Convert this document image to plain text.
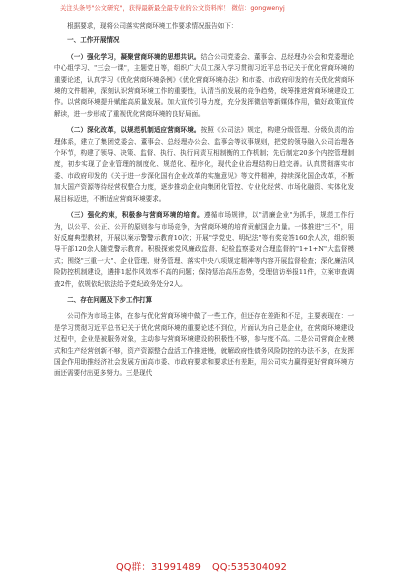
关注头条号"公文研究"，获得最新最全最专业的公文资料库！ 微信：gongwenyj

根据要求，现将公司落实营商环境工作要求情况报告如下：

一、工作开展情况

（一）强化学习，凝聚营商环境的思想共识。结合公司党委会、董事会、总经理办公会和党委理论中心组学习、"三会一课"，主题党日等，组织广大员工深入学习贯彻习近平总书记关于优化营商环境的重要论述，认真学习《优化营商环境条例》《优化营商环境办法》和市委、市政府印发的有关优化营商环境的文件精神，深刻认识营商环境工作的重要性，认清当前发展的竞争趋势，统筹推进营商环境建设工作。以营商环境提升赋能高质量发展。加大宣传引导力度，充分发挥微信等新媒体作用，做好政策宣传解读，进一步形成了重视优化营商环境的良好局面。

（二）深化改革，以规范机制适应营商环境。按照《公司法》规定，构建分级管理、分级负责的治理体系，建立了集团党委会、董事会、总经理办公会、监事会等议事规则，把党的领导融入公司治理各个环节，构建了领导、决策、监督、执行、执行问责互相制衡的工作机制；先后制定20多个内控管理制度，初步实现了企业管理的制度化、规范化、程序化，现代企业治理结构日趋完善。认真贯彻落实市委、市政府印发的《关于进一步深化国有企业改革的实施意见》等文件精神，持续深化国企改革，不断加大国产资源等待经营权整合力度，逐步推动企业向集团化管控、专业化经营、市场化融资、实体化发展目标迈进，不断适应营商环境要求。

（三）强化约束，积极参与营商环境的培育。遵循市场规律，以"清廉企业"为抓手，规范工作行为，以公平、公正、公开的原则参与市场竞争，为营商环境的培育贡献国企力量。一体推进"三不"，用好反腐典型教材，开展以案示警警示教育10次；开展"学党史、明纪法"等有奖竞答160余人次，组织领导干部120余人随党警示教育。积极探索党风廉政监督、纪检监察委对合理监督的"1+1+N"大监督模式；围绕"三重一大"、企业管理、财务管理、落实中央八项规定精神等内容开展监督检查；深化廉洁风险防控机制建设，遴排1起作风效率不高的问题；保持惩治高压态势，受理信访举报11件，立案审查调查2件，依规依纪依法给予党纪政务处分2人。

二、存在问题及下步工作打算

公司作为市场主体，在参与优化营商环境中做了一些工作，但还存在差距和不足，主要表现在：一是学习贯彻习近平总书记关于优化营商环境的重要论述不到位，片面认为自己是企业，在营商环境建设过程中，企业是被服务对象，主动参与营商环境建设的积极性不够，参与度不高。二是公司营商企业模式和生产经营创新不够，资产资源整合盘活工作推进慢，就解政府性债务风险防控的办法不多，在发挥国企作用助推经济社会发展方面高市委、市政府要求和要求还有差距，用公司实力赢得更好营商环境方面还需要付出更多努力。三是现代

QQ群：31991489 QQ:535304092
